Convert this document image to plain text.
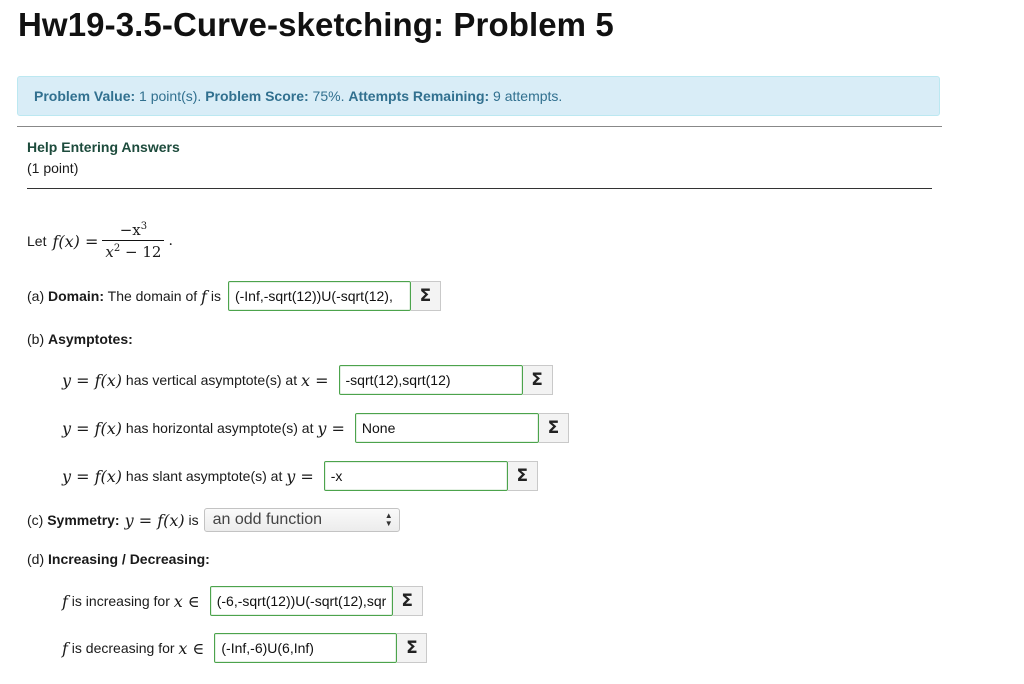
Hw19-3.5-Curve-sketching: Problem 5
Problem Value: 1 point(s). Problem Score: 75%. Attempts Remaining: 9 attempts.
Help Entering Answers
(1 point)
Let $f(x) = \frac{-x^3}{x^2 - 12}$ .
(a) Domain: The domain of f is
(-Inf,-sqrt(12))U(-sqrt(12),	Σ
(b) Asymptotes:
y = f(x) has vertical asymptote(s) at x =
-sqrt(12),sqrt(12)	Σ
y = f(x) has horizontal asymptote(s) at y =
None	Σ
y = f(x) has slant asymptote(s) at y =
-x	Σ
(c) Symmetry: y = f(x) is an odd function	▲
▼
(d) Increasing / Decreasing:
f is increasing for x ∈
(-6,-sqrt(12))U(-sqrt(12),sqrt(12))U(sqrt(12),6)	Σ
f is decreasing for x ∈
(-Inf,-6)U(6,Inf)	Σ
